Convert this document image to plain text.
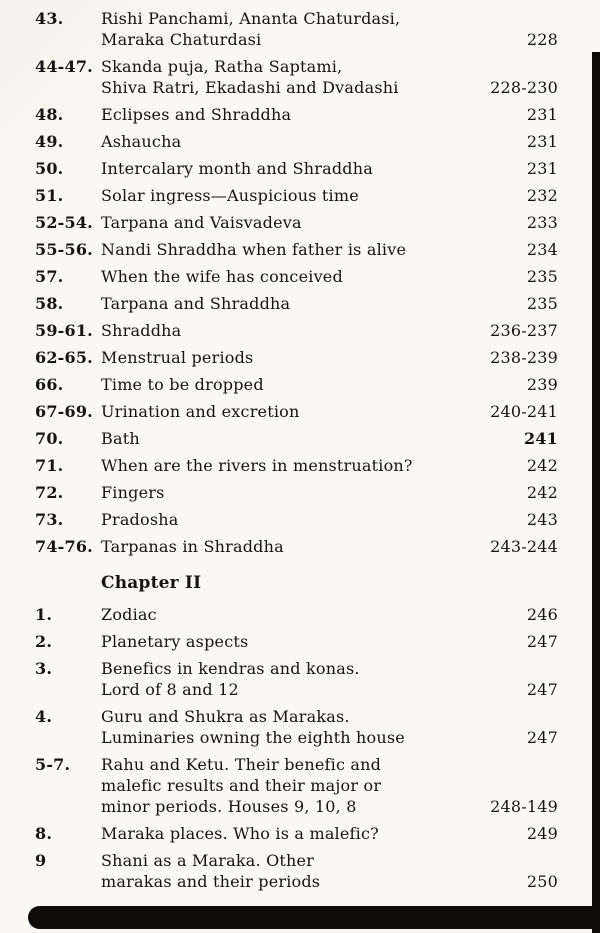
43.	Rishi Panchami, Ananta Chaturdasi,
Maraka Chaturdasi	228
44-47. Skanda puja, Ratha Saptami,
Shiva Ratri, Ekadashi and Dvadashi	228-230
48.	Eclipses and Shraddha	231
49.	Ashaucha	231
50.	Intercalary month and Shraddha	231
51.	Solar ingress—Auspicious time	232
52-54. Tarpana and Vaisvadeva	233
55-56. Nandi Shraddha when father is alive	234
57.	When the wife has conceived	235
58.	Tarpana and Shraddha	235
59-61. Shraddha	236-237
62-65. Menstrual periods	238-239
66.	Time to be dropped	239
67-69. Urination and excretion	240-241
70.	Bath	241
71.	When are the rivers in menstruation?	242
72.	Fingers	242
73.	Pradosha	243
74-76. Tarpanas in Shraddha	243-244
Chapter II
1.	Zodiac	246
2.	Planetary aspects	247
3.	Benefics in kendras and konas.
Lord of 8 and 12	247
4.	Guru and Shukra as Marakas.
Luminaries owning the eighth house	247
5-7.	Rahu and Ketu. Their benefic and
malefic results and their major or
minor periods. Houses 9, 10, 8	248-149
8.	Maraka places. Who is a malefic?	249
9	Shani as a Maraka. Other
marakas and their periods	250
